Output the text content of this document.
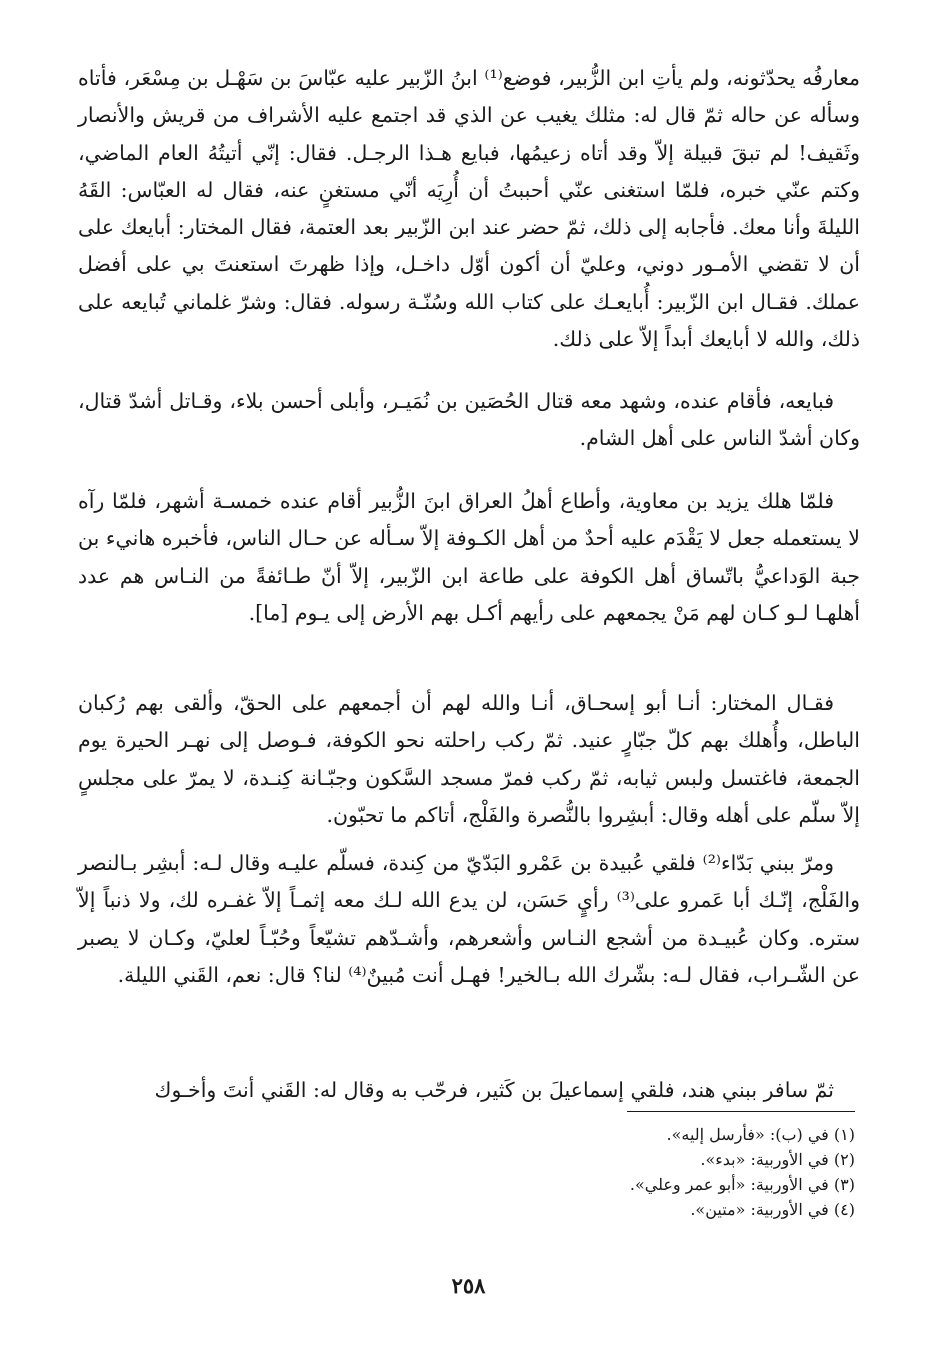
معارفُه يحدّثونه، ولم يأتِ ابن الزُّبير، فوضع⁽¹⁾ ابنُ الزّبير عليه عبّاسَ بن سَهْـل بن مِسْعَر، فأتاه وسأله عن حاله ثمّ قال له: مثلك يغيب عن الذي قد اجتمع عليه الأشراف من قريش والأنصار وثَقيف! لم تبقَ قبيلة إلاّ وقد أتاه زعيمُها، فبايع هـذا الرجـل. فقال: إنّي أتيتُهُ العام الماضي، وكتم عنّي خبره، فلمّا استغنى عنّي أحببتُ أن أُرِيَه أنّي مستغنٍ عنه، فقال له العبّاس: القَهُ الليلةَ وأنا معك. فأجابه إلى ذلك، ثمّ حضر عند ابن الزّبير بعد العتمة، فقال المختار: أبايعك على أن لا تقضي الأمـور دوني، وعليّ أن أكون أوّل داخـل، وإذا ظهرتَ استعنتَ بي على أفضل عملك. فقـال ابن الزّبير: أُبايعـك على كتاب الله وسُنّـة رسوله. فقال: وشرّ غلماني تُبايعه على ذلك، والله لا أبايعك أبداً إلاّ على ذلك.

فبايعه، فأقام عنده، وشهد معه قتال الحُصَين بن نُمَيـر، وأبلى أحسن بلاء، وقـاتل أشدّ قتال، وكان أشدّ الناس على أهل الشام.

فلمّا هلك يزيد بن معاوية، وأطاع أهلُ العراق ابنَ الزُّبير أقام عنده خمسـة أشهر، فلمّا رآه لا يستعمله جعل لا يَقْدَم عليه أحدٌ من أهل الكـوفة إلاّ سـأله عن حـال الناس، فأخبره هانيء بن جبة الوَداعيُّ باتّساق أهل الكوفة على طاعة ابن الزّبير، إلاّ أنّ طـائفةً من النـاس هم عدد أهلهـا لـو كـان لهم مَنْ يجمعهم على رأيهم أكـل بهم الأرض إلى يـوم [ما].

فقـال المختار: أنـا أبو إسحـاق، أنـا والله لهم أن أجمعهم على الحقّ، وألقى بهم رُكبان الباطل، وأُهلك بهم كلّ جبّارٍ عنيد. ثمّ ركب راحلته نحو الكوفة، فـوصل إلى نهـر الحيرة يوم الجمعة، فاغتسل ولبس ثيابه، ثمّ ركب فمرّ مسجد السَّكون وجبّـانة كِنـدة، لا يمرّ على مجلسٍ إلاّ سلّم على أهله وقال: أبشِروا بالنُّصرة والفَلْج، أتاكم ما تحبّون.

ومرّ ببني بَدّاء⁽²⁾ فلقي عُبيدة بن عَمْرو البَدّيّ من كِندة، فسلّم عليـه وقال لـه: أبشِر بـالنصر والفَلْج، إنّـك أبا عَمرو على⁽³⁾ رأيٍ حَسَن، لن يدع الله لـك معه إثمـاً إلاّ غفـره لك، ولا ذنباً إلاّ ستره. وكان عُبيـدة من أشجع النـاس وأشعرهم، وأشـدّهم تشيّعاً وحُبّـاً لعليّ، وكـان لا يصبر عن الشّـراب، فقال لـه: بشّرك الله بـالخير! فهـل أنت مُبينٌ⁽⁴⁾ لنا؟ قال: نعم، القَني الليلة.

ثمّ سافر ببني هند، فلقي إسماعيلَ بن كَثير، فرحّب به وقال له: القَني أنتَ وأخـوك

(١) في (ب): «فأرسل إليه».

(٢) في الأوربية: «بدء».

(٣) في الأوربية: «أبو عمر وعلي».

(٤) في الأوربية: «متين».

٢٥٨
